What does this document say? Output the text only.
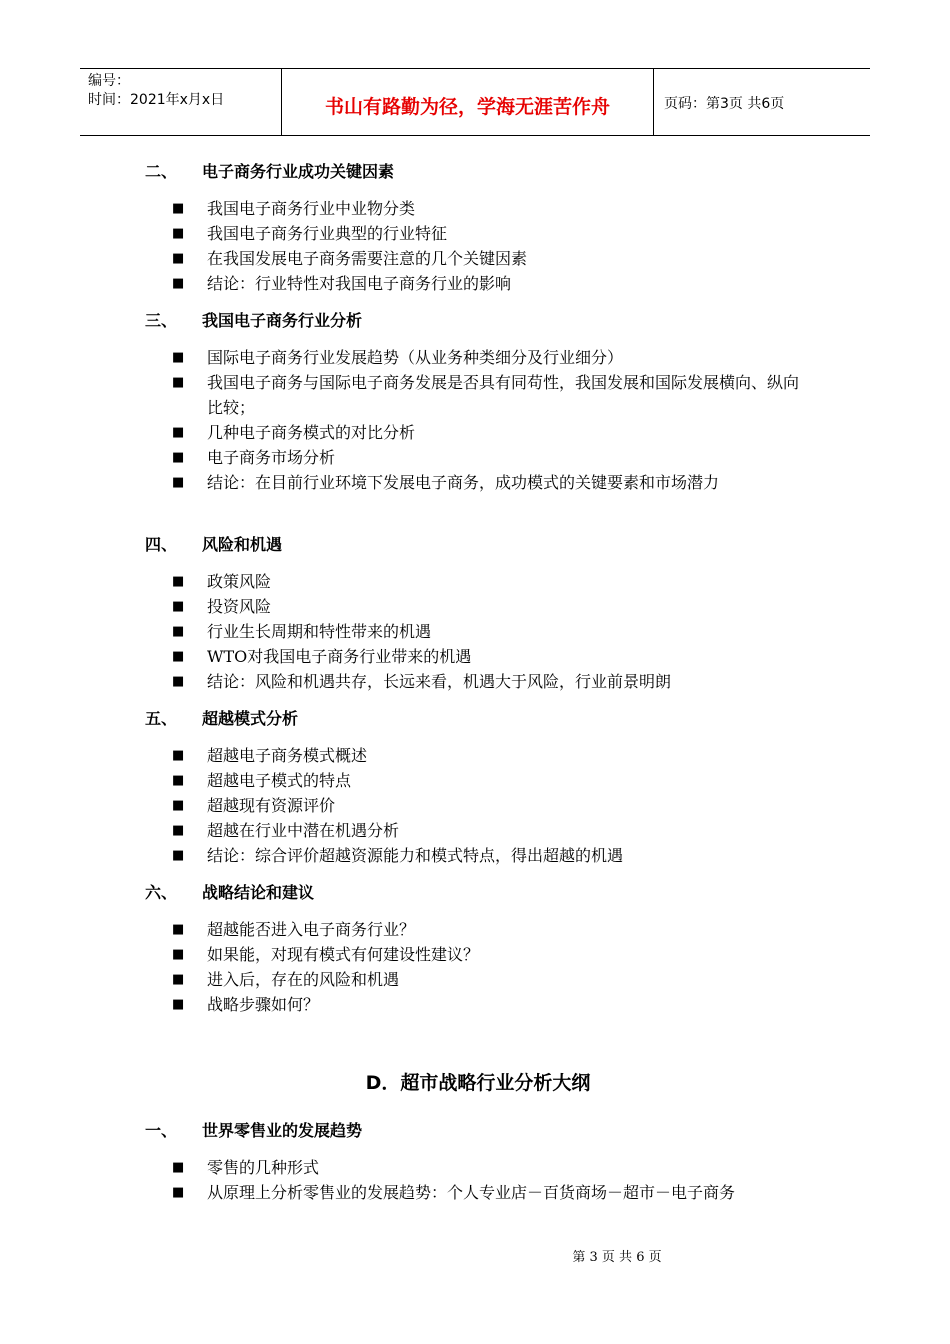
编号：
时间：2021年x月x日	书山有路勤为径，学海无涯苦作舟	页码：第3页 共6页
二、 电子商务行业成功关键因素
■ 我国电子商务行业中业物分类
■ 我国电子商务行业典型的行业特征
■ 在我国发展电子商务需要注意的几个关键因素
■ 结论：行业特性对我国电子商务行业的影响
三、 我国电子商务行业分析
■ 国际电子商务行业发展趋势（从业务种类细分及行业细分）
■ 我国电子商务与国际电子商务发展是否具有同苟性，我国发展和国际发展横向、纵向比较；
■ 几种电子商务模式的对比分析
■ 电子商务市场分析
■ 结论：在目前行业环境下发展电子商务，成功模式的关键要素和市场潜力
四、 风险和机遇
■ 政策风险
■ 投资风险
■ 行业生长周期和特性带来的机遇
■ WTO对我国电子商务行业带来的机遇
■ 结论：风险和机遇共存，长远来看，机遇大于风险，行业前景明朗
五、 超越模式分析
■ 超越电子商务模式概述
■ 超越电子模式的特点
■ 超越现有资源评价
■ 超越在行业中潜在机遇分析
■ 结论：综合评价超越资源能力和模式特点，得出超越的机遇
六、 战略结论和建议
■ 超越能否进入电子商务行业？
■ 如果能，对现有模式有何建设性建议？
■ 进入后，存在的风险和机遇
■ 战略步骤如何？
D．超市战略行业分析大纲
一、 世界零售业的发展趋势
■ 零售的几种形式
■ 从原理上分析零售业的发展趋势：个人专业店－百货商场－超市－电子商务
第 3 页 共 6 页
